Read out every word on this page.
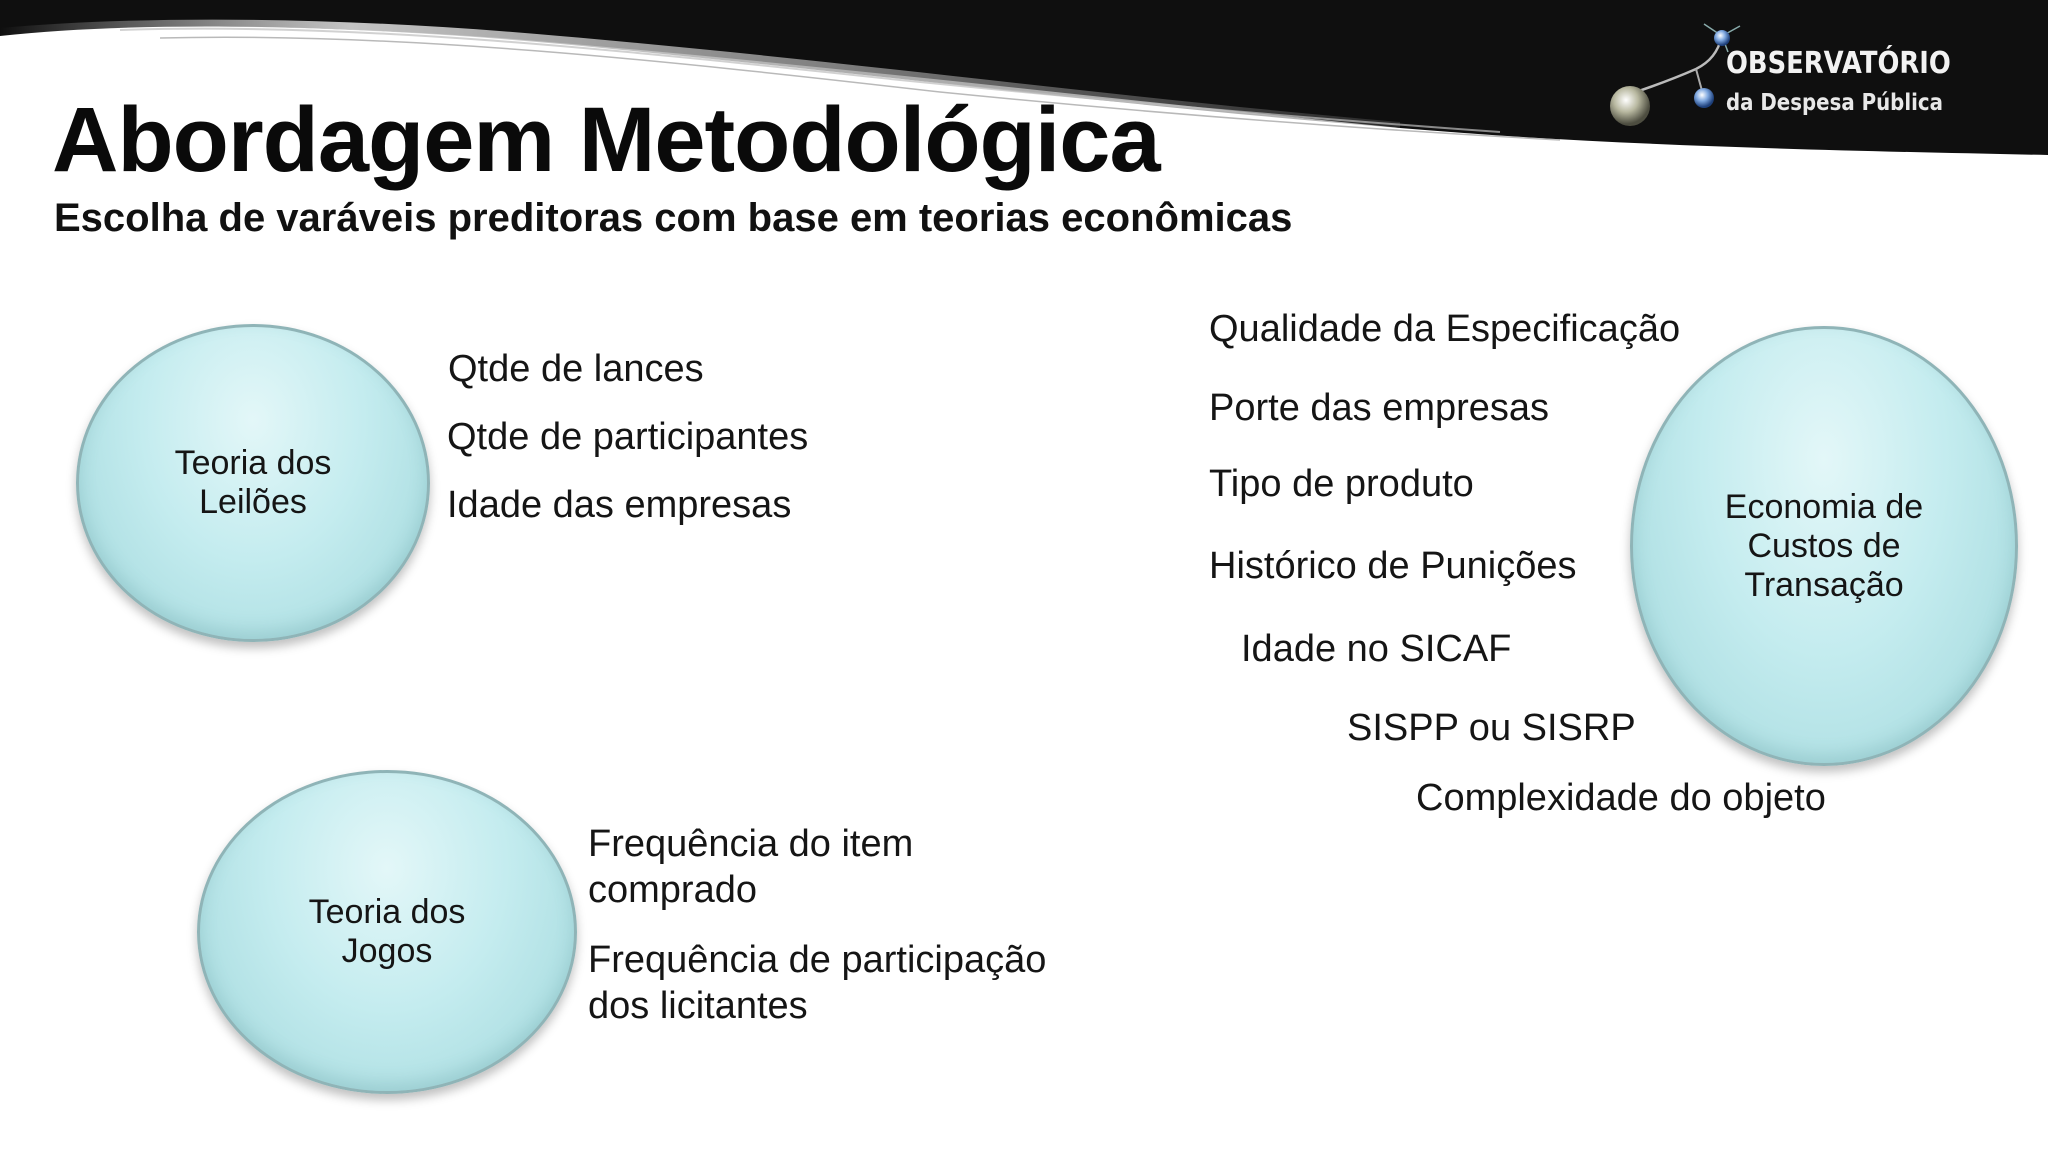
OBSERVATÓRIO
da Despesa Pública
Abordagem Metodológica
Escolha de varáveis preditoras com base em teorias econômicas
Teoria dos
Leilões
Teoria dos
Jogos
Economia de
Custos de
Transação
Qtde de lances
Qtde de participantes
Idade das empresas
Frequência do item comprado
Frequência de participação dos licitantes
Qualidade da Especificação
Porte das empresas
Tipo de produto
Histórico de Punições
Idade no SICAF
SISPP ou SISRP
Complexidade do objeto
